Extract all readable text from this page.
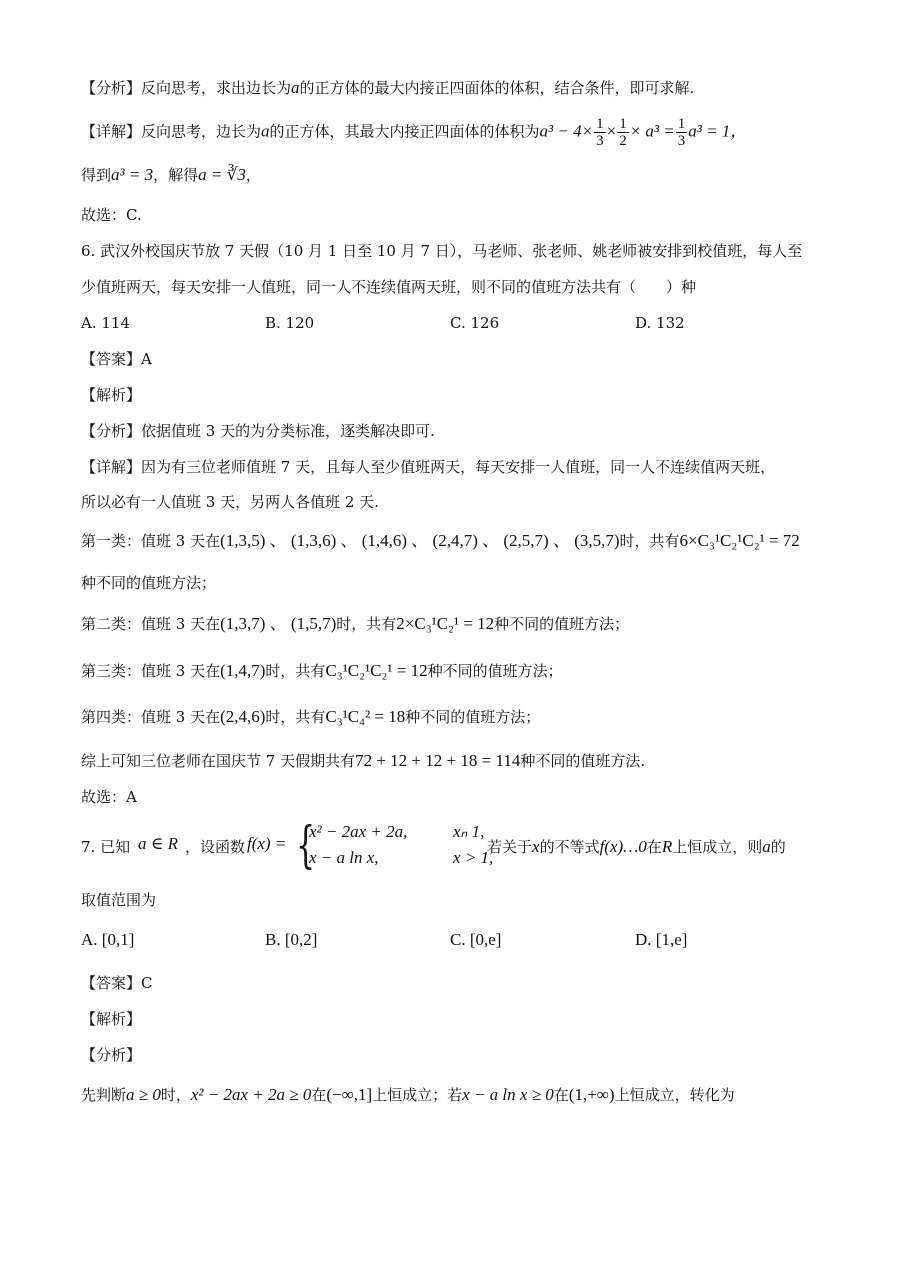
【分析】反向思考，求出边长为a的正方体的最大内接正四面体的体积，结合条件，即可求解.
【详解】反向思考，边长为a的正方体，其最大内接正四面体的体积为$a^3 - 4\times \frac{1}{3} \times \frac{1}{2} \times a^3 = \frac{1}{3} a^3 = 1$，
得到a³ = 3，解得a = ∛3，
故选：C.
6. 武汉外校国庆节放 7 天假（10 月 1 日至 10 月 7 日），马老师、张老师、姚老师被安排到校值班，每人至
少值班两天，每天安排一人值班，同一人不连续值两天班，则不同的值班方法共有（　　）种
A. 114	B. 120	C. 126	D. 132
【答案】A
【解析】
【分析】依据值班 3 天的为分类标准，逐类解决即可.
【详解】因为有三位老师值班 7 天，且每人至少值班两天，每天安排一人值班，同一人不连续值两天班，
所以必有一人值班 3 天，另两人各值班 2 天.
第一类：值班 3 天在(1,3,5) 、 (1,3,6) 、 (1,4,6) 、 (2,4,7) 、 (2,5,7) 、 (3,5,7)时，共有6×C₃¹C₂¹C₂¹ = 72
种不同的值班方法；
第二类：值班 3 天在(1,3,7) 、 (1,5,7)时，共有2×C₃¹C₂¹ = 12种不同的值班方法；
第三类：值班 3 天在(1,4,7)时，共有C₃¹C₂¹C₂¹ = 12种不同的值班方法；
第四类：值班 3 天在(2,4,6)时，共有C₃¹C₄² = 18种不同的值班方法；
综上可知三位老师在国庆节 7 天假期共有72 + 12 + 12 + 18 = 114种不同的值班方法.
故选：A
7. 已知 a ∈ R ，设函数 f(x) = {
x² − 2ax + 2a,	xₙ 1,
x − a ln x,	x > 1,
若关于x的不等式f(x)…0在R上恒成立，则a的
取值范围为
A. [0,1]	B. [0,2]	C. [0,e]	D. [1,e]
【答案】C
【解析】
【分析】
先判断a ≥ 0时，x² − 2ax + 2a ≥ 0在(−∞,1]上恒成立；若x − a ln x ≥ 0在(1,+∞)上恒成立，转化为
